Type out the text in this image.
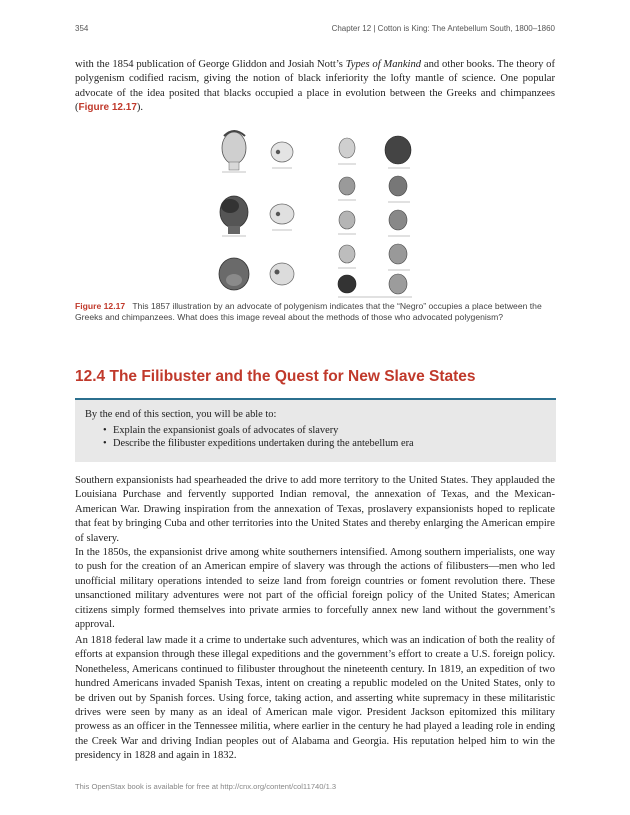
354	Chapter 12 | Cotton is King: The Antebellum South, 1800–1860

with the 1854 publication of George Gliddon and Josiah Nott’s Types of Mankind and other books. The theory of polygenism codified racism, giving the notion of black inferiority the lofty mantle of science. One popular advocate of the idea posited that blacks occupied a place in evolution between the Greeks and chimpanzees (Figure 12.17).

Figure 12.17 This 1857 illustration by an advocate of polygenism indicates that the “Negro” occupies a place between the Greeks and chimpanzees. What does this image reveal about the methods of those who advocated polygenism?

12.4 The Filibuster and the Quest for New Slave States
By the end of this section, you will be able to:
• Explain the expansionist goals of advocates of slavery
• Describe the filibuster expeditions undertaken during the antebellum era

Southern expansionists had spearheaded the drive to add more territory to the United States. They applauded the Louisiana Purchase and fervently supported Indian removal, the annexation of Texas, and the Mexican-American War. Drawing inspiration from the annexation of Texas, proslavery expansionists hoped to replicate that feat by bringing Cuba and other territories into the United States and thereby enlarging the American empire of slavery.

In the 1850s, the expansionist drive among white southerners intensified. Among southern imperialists, one way to push for the creation of an American empire of slavery was through the actions of filibusters—men who led unofficial military operations intended to seize land from foreign countries or foment revolution there. These unsanctioned military adventures were not part of the official foreign policy of the United States; American citizens simply formed themselves into private armies to forcefully annex new land without the government’s approval.

An 1818 federal law made it a crime to undertake such adventures, which was an indication of both the reality of efforts at expansion through these illegal expeditions and the government’s effort to create a U.S. foreign policy. Nonetheless, Americans continued to filibuster throughout the nineteenth century. In 1819, an expedition of two hundred Americans invaded Spanish Texas, intent on creating a republic modeled on the United States, only to be driven out by Spanish forces. Using force, taking action, and asserting white supremacy in these militaristic drives were seen by many as an ideal of American male vigor. President Jackson epitomized this military prowess as an officer in the Tennessee militia, where earlier in the century he had played a leading role in ending the Creek War and driving Indian peoples out of Alabama and Georgia. His reputation helped him to win the presidency in 1828 and again in 1832.

This OpenStax book is available for free at http://cnx.org/content/col11740/1.3
